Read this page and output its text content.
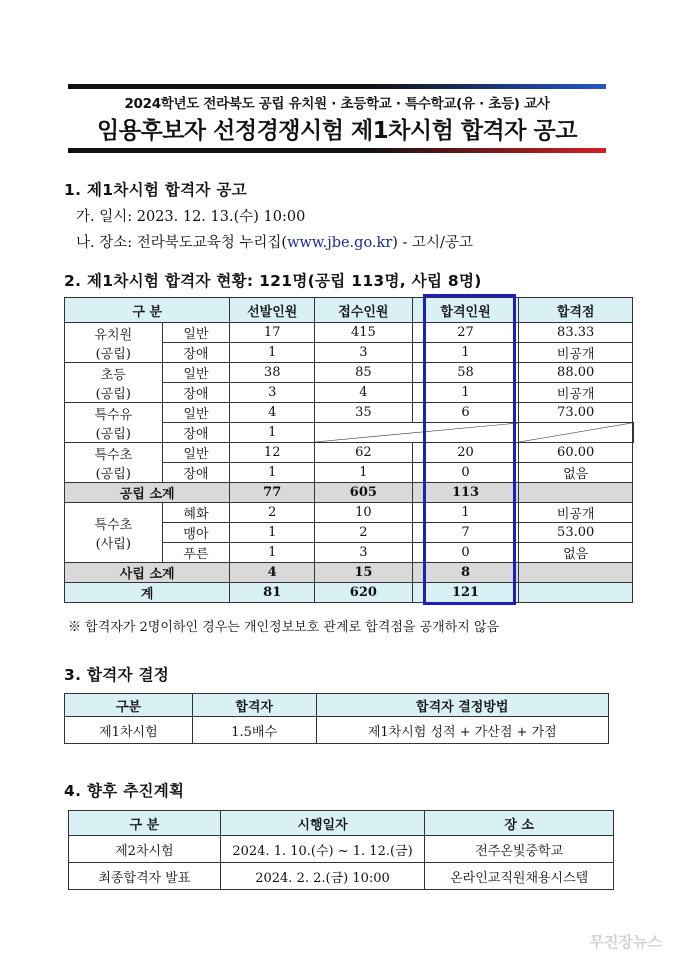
2024학년도 전라북도 공립 유치원 · 초등학교 · 특수학교(유 · 초등) 교사
임용후보자 선정경쟁시험 제1차시험 합격자 공고
1. 제1차시험 합격자 공고
가. 일시: 2023. 12. 13.(수) 10:00
나. 장소: 전라북도교육청 누리집(www.jbe.go.kr) - 고시/공고
2. 제1차시험 합격자 현황: 121명(공립 113명, 사립 8명)
구 분		선발인원	접수인원	합격인원	합격점	

유치원
(공립)	일반	17	415	27	83.33	
	장애	1	3	1	비공개	

초등
(공립)	일반	38	85	58	88.00	
	장애	3	4	1	비공개	

특수유
(공립)	일반	4	35	6	73.00	
	장애	1	

특수초
(공립)	일반	12	62	20	60.00	
	장애	1	1	0	없음	
공립 소계		77	605	113		

특수초
(사립)	혜화	2	10	1	비공개	
	맹아	1	2	7	53.00	
	푸른	1	3	0	없음	
사립 소계		4	15	8		
계		81	620	121		
※ 합격자가 2명이하인 경우는 개인정보보호 관계로 합격점을 공개하지 않음
3. 합격자 결정
구분	합격자	합격자 결정방법
제1차시험	1.5배수	제1차시험 성적 + 가산점 + 가점
4. 향후 추진계획
구 분	시행일자	장 소
제2차시험	2024. 1. 10.(수) ~ 1. 12.(금)	전주온빛중학교
최종합격자 발표	2024. 2. 2.(금) 10:00	온라인교직원채용시스템
무진장뉴스
